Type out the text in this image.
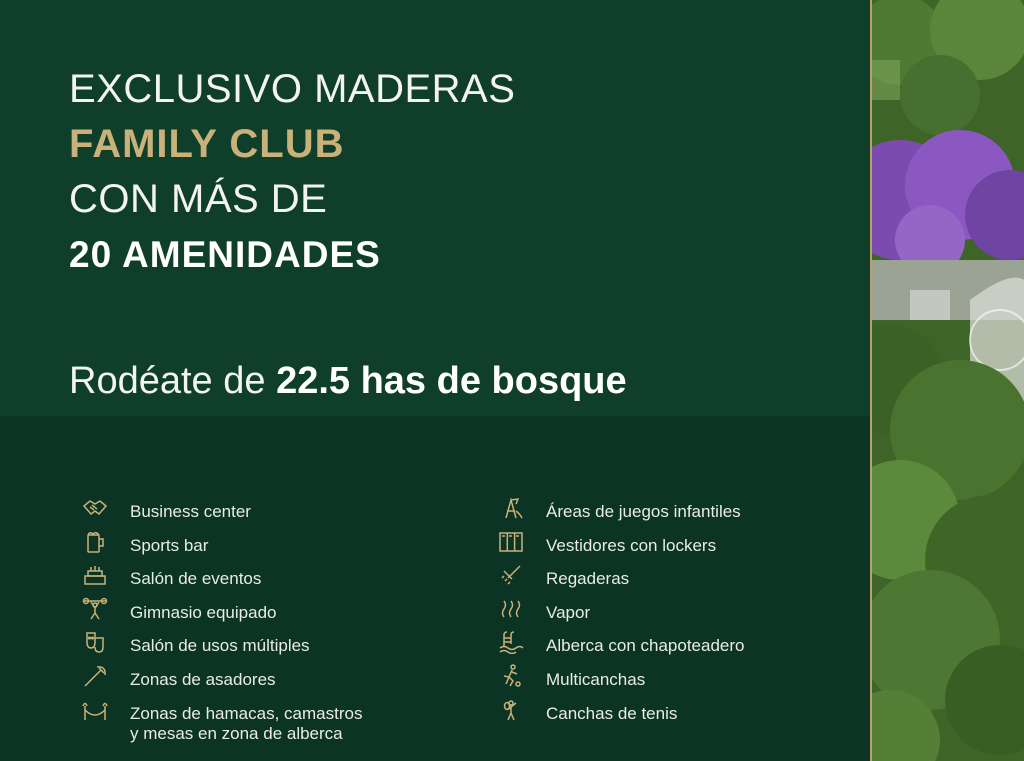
EXCLUSIVO MADERAS
FAMILY CLUB
CON MÁS DE
20 AMENIDADES
Rodéate de 22.5 has de bosque
Business center
Sports bar
Salón de eventos
Gimnasio equipado
Salón de usos múltiples
Zonas de asadores
Zonas de hamacas, camastros
y mesas en zona de alberca
Áreas de juegos infantiles
Vestidores con lockers
Regaderas
Vapor
Alberca con chapoteadero
Multicanchas
Canchas de tenis
